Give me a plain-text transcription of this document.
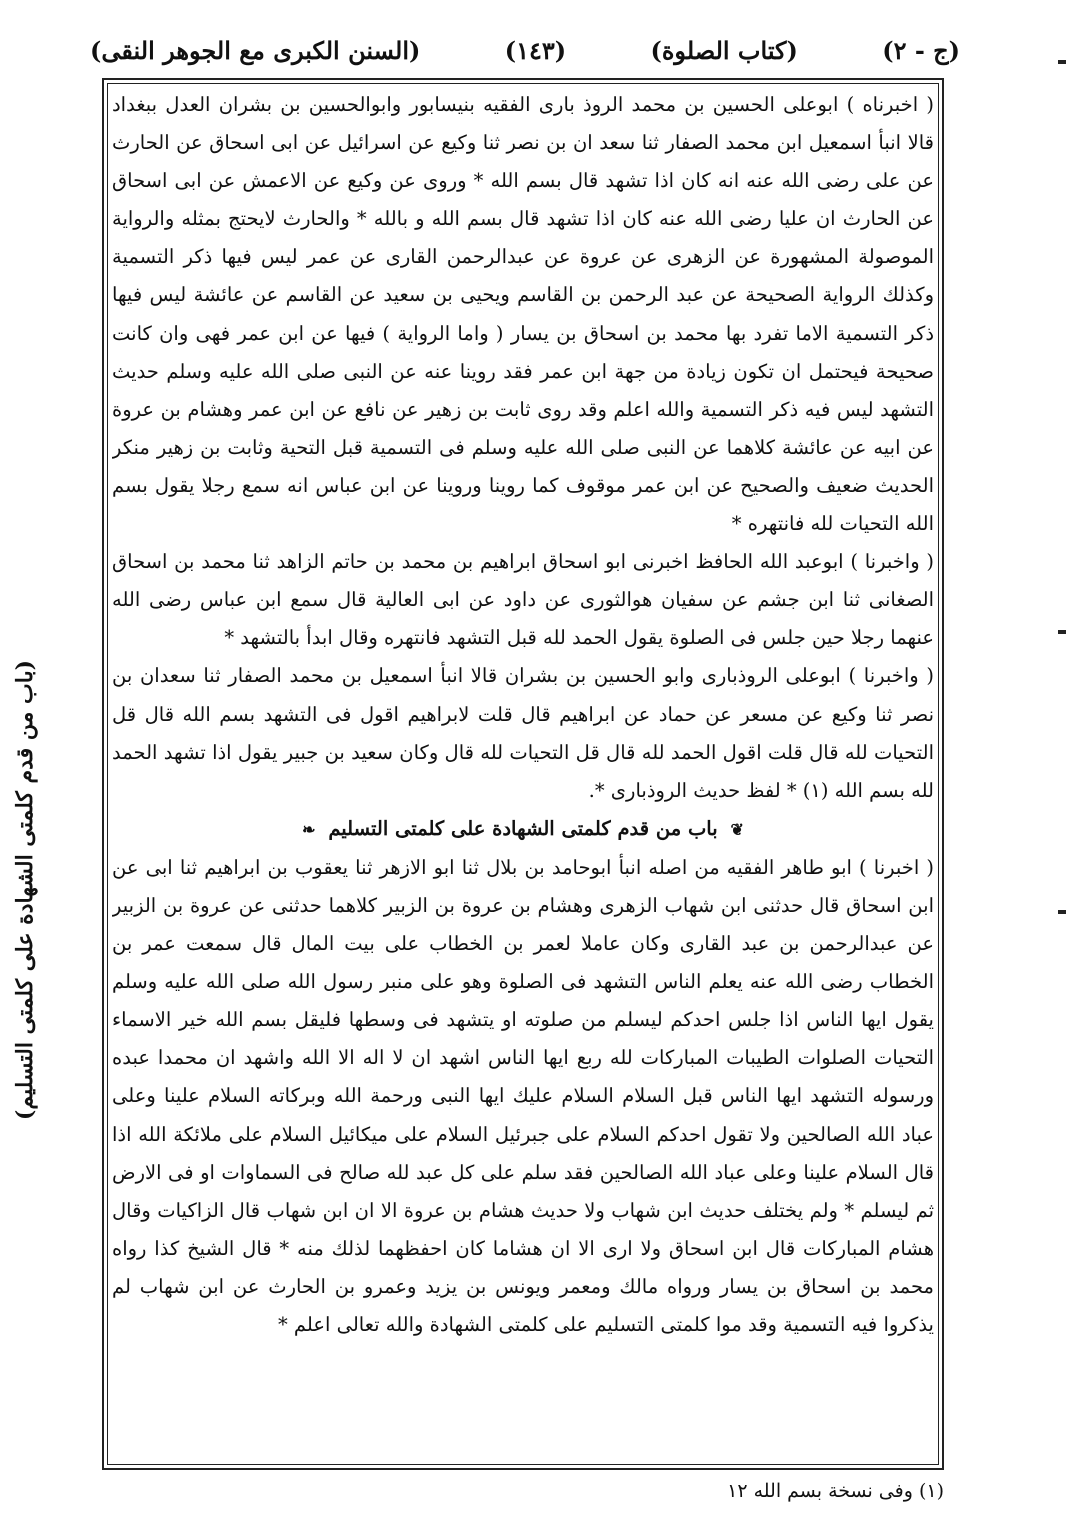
(السنن الكبرى مع الجوهر النقى)	(١٤٣)	(كتاب الصلوة)	(ج - ٢)

( اخبرناه ) ابوعلى الحسين بن محمد الروذ بارى الفقيه بنيسابور وابوالحسين بن بشران العدل ببغداد قالا انبأ اسمعيل ابن محمد الصفار ثنا سعد ان بن نصر ثنا وكيع عن اسرائيل عن ابى اسحاق عن الحارث عن على رضى الله عنه انه كان اذا تشهد قال بسم الله * وروى عن وكيع عن الاعمش عن ابى اسحاق عن الحارث ان عليا رضى الله عنه كان اذا تشهد قال بسم الله و بالله * والحارث لايحتج بمثله والرواية الموصولة المشهورة عن الزهرى عن عروة عن عبدالرحمن القارى عن عمر ليس فيها ذكر التسمية وكذلك الرواية الصحيحة عن عبد الرحمن بن القاسم ويحيى بن سعيد عن القاسم عن عائشة ليس فيها ذكر التسمية الاما تفرد بها محمد بن اسحاق بن يسار ( واما الرواية ) فيها عن ابن عمر فهى وان كانت صحيحة فيحتمل ان تكون زيادة من جهة ابن عمر فقد روينا عنه عن النبى صلى الله عليه وسلم حديث التشهد ليس فيه ذكر التسمية والله اعلم وقد روى ثابت بن زهير عن نافع عن ابن عمر وهشام بن عروة عن ابيه عن عائشة كلاهما عن النبى صلى الله عليه وسلم فى التسمية قبل التحية وثابت بن زهير منكر الحديث ضعيف والصحيح عن ابن عمر موقوف كما روينا وروينا عن ابن عباس انه سمع رجلا يقول بسم الله التحيات لله فانتهره *

( واخبرنا ) ابوعبد الله الحافظ اخبرنى ابو اسحاق ابراهيم بن محمد بن حاتم الزاهد ثنا محمد بن اسحاق الصغانى ثنا ابن جشم عن سفيان هوالثورى عن داود عن ابى العالية قال سمع ابن عباس رضى الله عنهما رجلا حين جلس فى الصلوة يقول الحمد لله قبل التشهد فانتهره وقال ابدأ بالتشهد *

( واخبرنا ) ابوعلى الروذبارى وابو الحسين بن بشران قالا انبأ اسمعيل بن محمد الصفار ثنا سعدان بن نصر ثنا وكيع عن مسعر عن حماد عن ابراهيم قال قلت لابراهيم اقول فى التشهد بسم الله قال قل التحيات لله قال قلت اقول الحمد لله قال قل التحيات لله قال وكان سعيد بن جبير يقول اذا تشهد الحمد لله بسم الله (١) * لفظ حديث الروذبارى *.

❦ باب من قدم كلمتى الشهادة على كلمتى التسليم ❧

( اخبرنا ) ابو طاهر الفقيه من اصله انبأ ابوحامد بن بلال ثنا ابو الازهر ثنا يعقوب بن ابراهيم ثنا ابى عن ابن اسحاق قال حدثنى ابن شهاب الزهرى وهشام بن عروة بن الزبير كلاهما حدثنى عن عروة بن الزبير عن عبدالرحمن بن عبد القارى وكان عاملا لعمر بن الخطاب على بيت المال قال سمعت عمر بن الخطاب رضى الله عنه يعلم الناس التشهد فى الصلوة وهو على منبر رسول الله صلى الله عليه وسلم يقول ايها الناس اذا جلس احدكم ليسلم من صلوته او يتشهد فى وسطها فليقل بسم الله خير الاسماء التحيات الصلوات الطيبات المباركات لله ربع ايها الناس اشهد ان لا اله الا الله واشهد ان محمدا عبده ورسوله التشهد ايها الناس قبل السلام السلام عليك ايها النبى ورحمة الله وبركاته السلام علينا وعلى عباد الله الصالحين ولا تقول احدكم السلام على جبرئيل السلام على ميكائيل السلام على ملائكة الله اذا قال السلام علينا وعلى عباد الله الصالحين فقد سلم على كل عبد لله صالح فى السماوات او فى الارض ثم ليسلم * ولم يختلف حديث ابن شهاب ولا حديث هشام بن عروة الا ان ابن شهاب قال الزاكيات وقال هشام المباركات قال ابن اسحاق ولا ارى الا ان هشاما كان احفظهما لذلك منه * قال الشيخ كذا رواه محمد بن اسحاق بن يسار ورواه مالك ومعمر ويونس بن يزيد وعمرو بن الحارث عن ابن شهاب لم يذكروا فيه التسمية وقد موا كلمتى التسليم على كلمتى الشهادة والله تعالى اعلم *

(باب من قدم كلمتى الشهادة على كلمتى التسليم)
(١) وفى نسخة بسم الله ١٢
